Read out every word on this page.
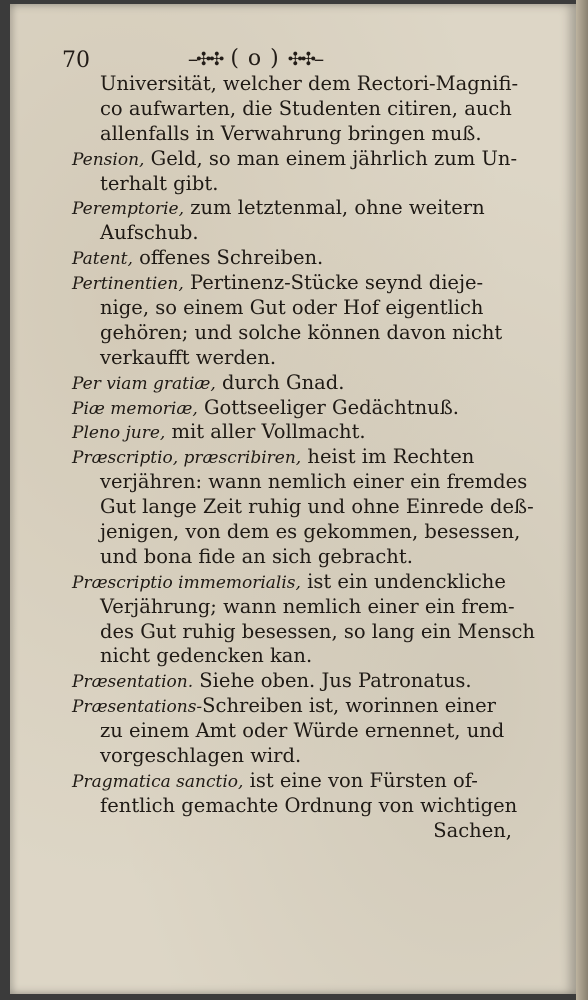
70	--✣✣ ( o ) ✣✣--
Universität, welcher dem Rectori-Magnifi-
co aufwarten, die Studenten citiren, auch
allenfalls in Verwahrung bringen muß.
Pension, Geld, so man einem jährlich zum Un-
terhalt gibt.
Peremptorie, zum letztenmal, ohne weitern
Aufschub.
Patent, offenes Schreiben.
Pertinentien, Pertinenz-Stücke seynd dieje-
nige, so einem Gut oder Hof eigentlich
gehören; und solche können davon nicht
verkaufft werden.
Per viam gratiæ, durch Gnad.
Piæ memoriæ, Gottseeliger Gedächtnuß.
Pleno jure, mit aller Vollmacht.
Præscriptio, præscribiren, heist im Rechten
verjähren: wann nemlich einer ein fremdes
Gut lange Zeit ruhig und ohne Einrede deß-
jenigen, von dem es gekommen, besessen,
und bona fide an sich gebracht.
Præscriptio immemorialis, ist ein undenckliche
Verjährung; wann nemlich einer ein frem-
des Gut ruhig besessen, so lang ein Mensch
nicht gedencken kan.
Præsentation. Siehe oben. Jus Patronatus.
Præsentations-Schreiben ist, worinnen einer
zu einem Amt oder Würde ernennet, und
vorgeschlagen wird.
Pragmatica sanctio, ist eine von Fürsten of-
fentlich gemachte Ordnung von wichtigen
Sachen,
